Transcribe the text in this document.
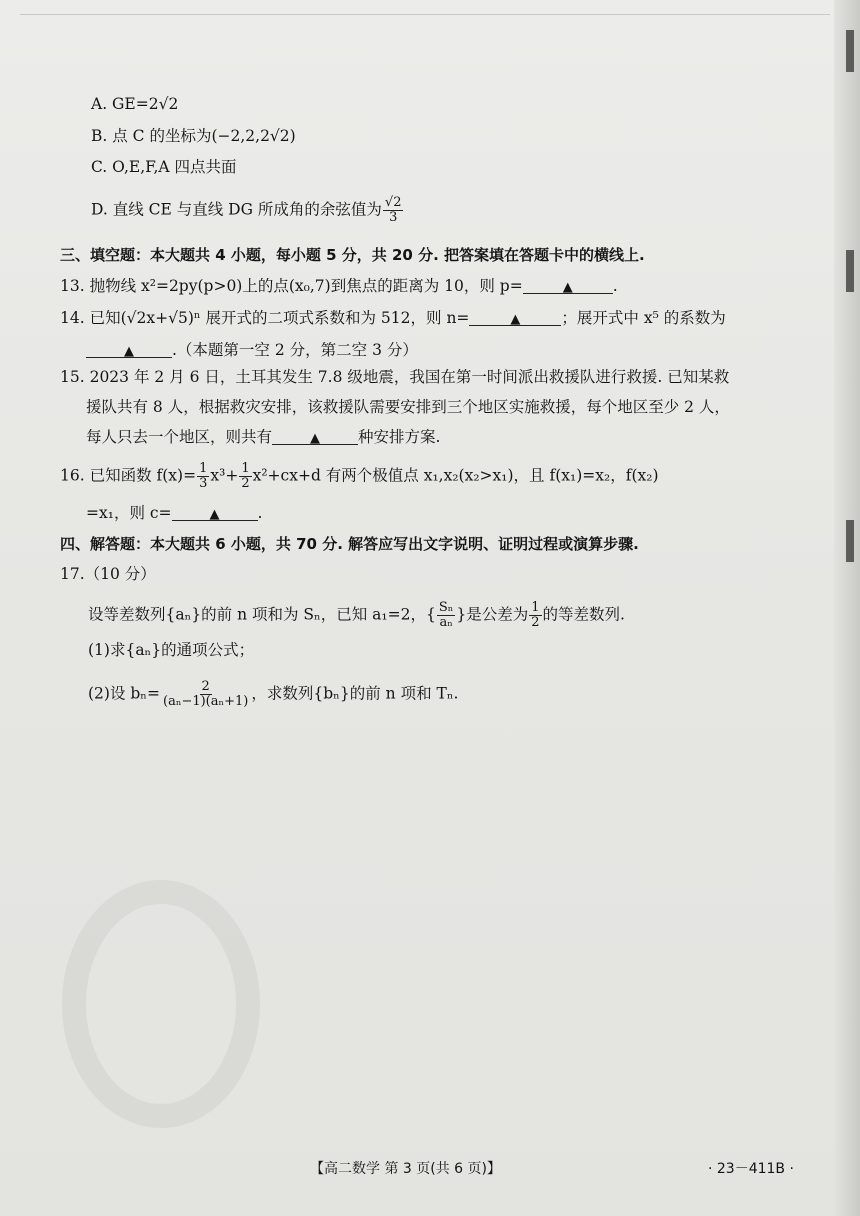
A. GE=2√2
B. 点 C 的坐标为(−2,2,2√2)
C. O,E,F,A 四点共面
D. 直线 CE 与直线 DG 所成角的余弦值为 $\frac{√2}{3}$
三、填空题：本大题共 4 小题，每小题 5 分，共 20 分. 把答案填在答题卡中的横线上.
13. 抛物线 x²=2py(p>0)上的点(x₀,7)到焦点的距离为 10，则 p=	▲	.
14. 已知(√2x+√5)ⁿ 展开式的二项式系数和为 512，则 n=	▲	；展开式中 x⁵ 的系数为
▲ .（本题第一空 2 分，第二空 3 分）
15. 2023 年 2 月 6 日，土耳其发生 7.8 级地震，我国在第一时间派出救援队进行救援. 已知某救
援队共有 8 人，根据救灾安排，该救援队需要安排到三个地区实施救援，每个地区至少 2 人，
每人只去一个地区，则共有	▲ 种安排方案.
16. 已知函数 $f(x)= \frac{1}{3} x^3+ \frac{1}{2} x^2+cx+d$ 有两个极值点 x₁,x₂(x₂>x₁)，且 f(x₁)=x₂，f(x₂)
=x₁，则 c=	▲ .
四、解答题：本大题共 6 小题，共 70 分. 解答应写出文字说明、证明过程或演算步骤.
17.（10 分）
设等差数列{aₙ}的前 n 项和为 Sₙ，已知 a₁=2，{ $\frac{\text{Sₙ}}{\text{aₙ}}$ }是公差为 $\frac{1}{2}$ 的等差数列.
(1)求{aₙ}的通项公式；
(2)设 $b_n= \frac{2}{\text{(aₙ−1)(aₙ+1)}}$ ，求数列{bₙ}的前 n 项和 Tₙ.
【高二数学 第 3 页(共 6 页)】	· 23－411B ·
